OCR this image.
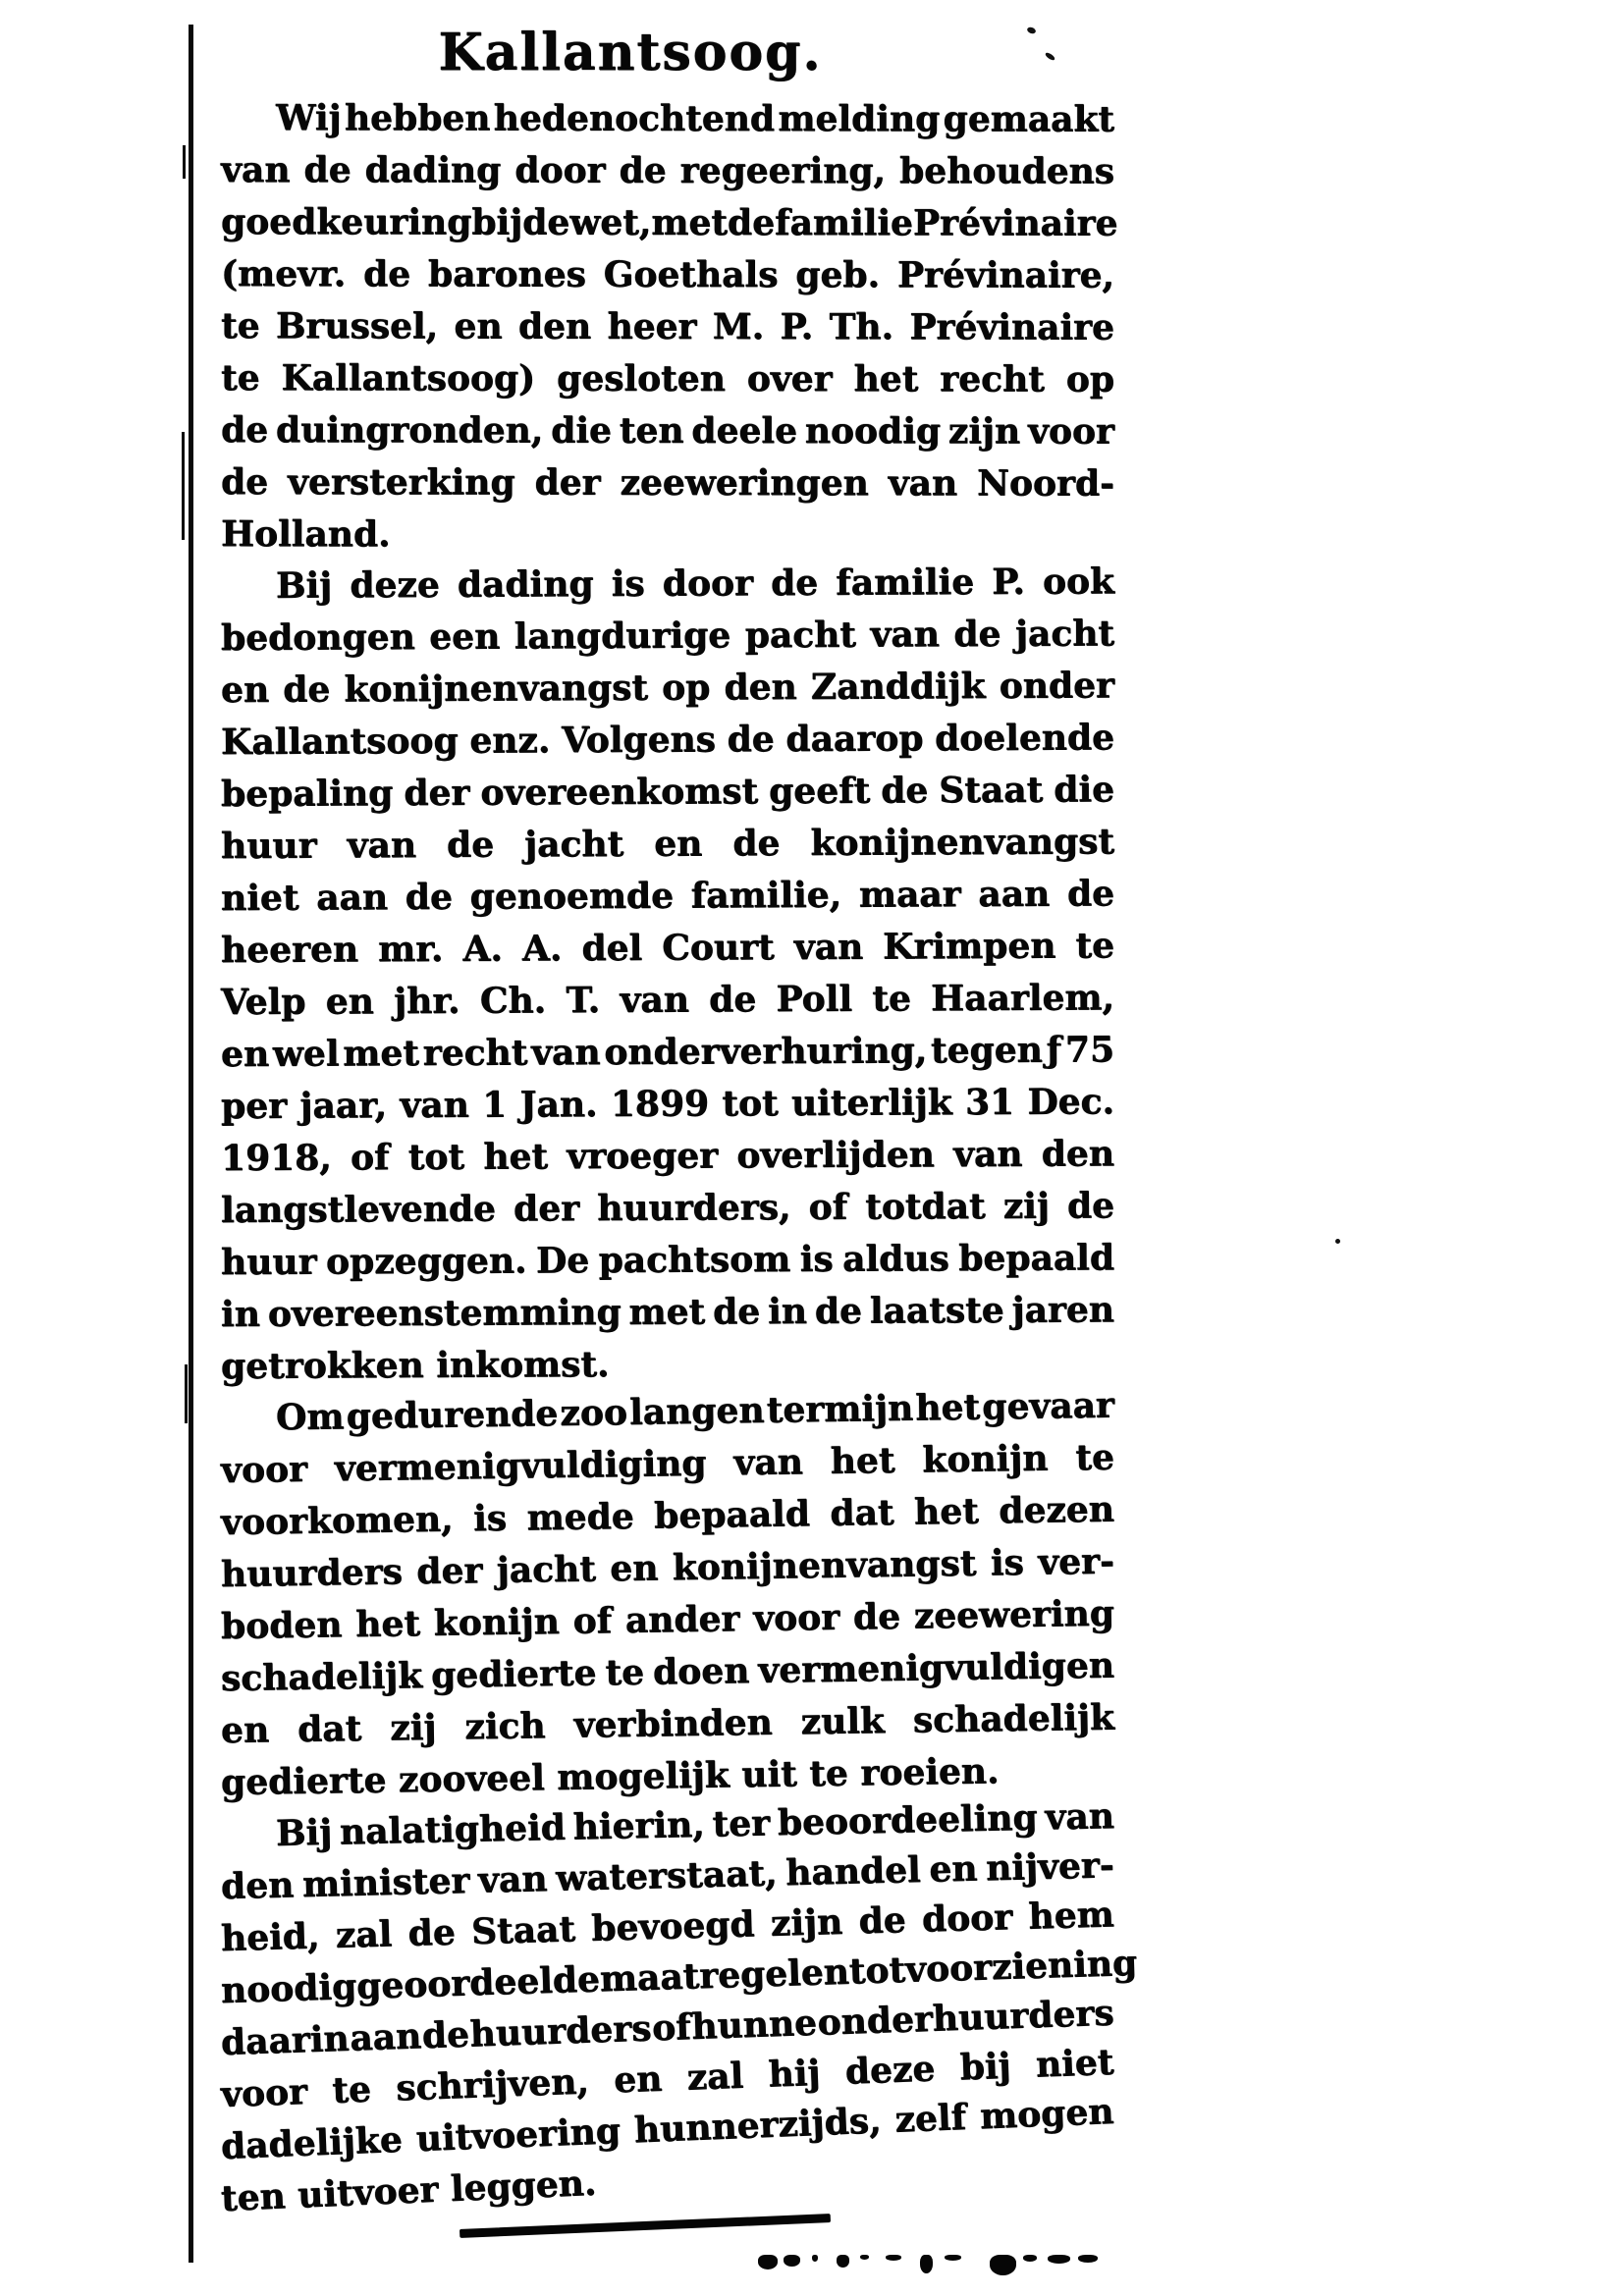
Kallantsoog.
Wij hebben hedenochtend melding gemaakt
van de dading door de regeering, behoudens
goedkeuring bij de wet, met de familie Prévinaire
(mevr. de barones Goethals geb. Prévinaire,
te Brussel, en den heer M. P. Th. Prévinaire
te Kallantsoog) gesloten over het recht op
de duingronden, die ten deele noodig zijn voor
de versterking der zeeweringen van Noord-
Holland.
Bij deze dading is door de familie P. ook
bedongen een langdurige pacht van de jacht
en de konijnenvangst op den Zanddijk onder
Kallantsoog enz. Volgens de daarop doelende
bepaling der overeenkomst geeft de Staat die
huur van de jacht en de konijnenvangst
niet aan de genoemde familie, maar aan de
heeren mr. A. A. del Court van Krimpen te
Velp en jhr. Ch. T. van de Poll te Haarlem,
en wel met recht van onderverhuring, tegen ƒ 75
per jaar, van 1 Jan. 1899 tot uiterlijk 31 Dec.
1918, of tot het vroeger overlijden van den
langstlevende der huurders, of totdat zij de
huur opzeggen. De pachtsom is aldus bepaald
in overeenstemming met de in de laatste jaren
getrokken inkomst.
Om gedurende zoo langen termijn het gevaar
voor vermenigvuldiging van het konijn te
voorkomen, is mede bepaald dat het dezen
huurders der jacht en konijnenvangst is ver-
boden het konijn of ander voor de zeewering
schadelijk gedierte te doen vermenigvuldigen
en dat zij zich verbinden zulk schadelijk
gedierte zooveel mogelijk uit te roeien.
Bij nalatigheid hierin, ter beoordeeling van
den minister van waterstaat, handel en nijver-
heid, zal de Staat bevoegd zijn de door hem
noodig
geoordeelde
maatregelen
tot
voorziening
daarin aan de huurders of hunne onderhuurders
voor te schrijven, en zal hij deze bij niet
dadelijke uitvoering hunnerzijds, zelf mogen
ten uitvoer leggen.
